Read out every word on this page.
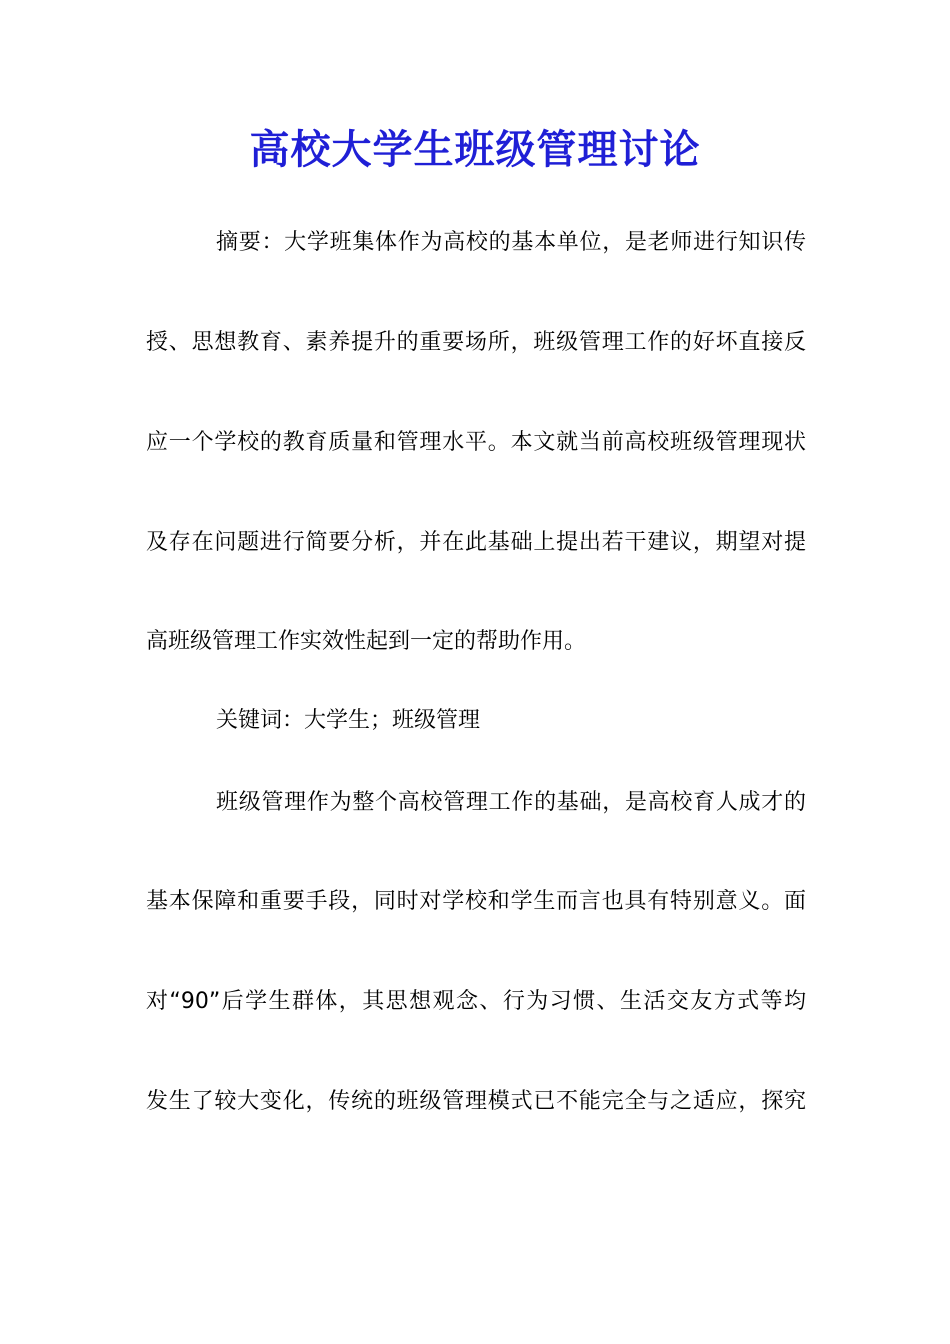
高校大学生班级管理讨论

摘要：大学班集体作为高校的基本单位，是老师进行知识传

授、思想教育、素养提升的重要场所，班级管理工作的好坏直接反

应一个学校的教育质量和管理水平。本文就当前高校班级管理现状

及存在问题进行简要分析，并在此基础上提出若干建议，期望对提

高班级管理工作实效性起到一定的帮助作用。

关键词：大学生；班级管理

班级管理作为整个高校管理工作的基础，是高校育人成才的

基本保障和重要手段，同时对学校和学生而言也具有特别意义。面

对“90”后学生群体，其思想观念、行为习惯、生活交友方式等均

发生了较大变化，传统的班级管理模式已不能完全与之适应，探究
